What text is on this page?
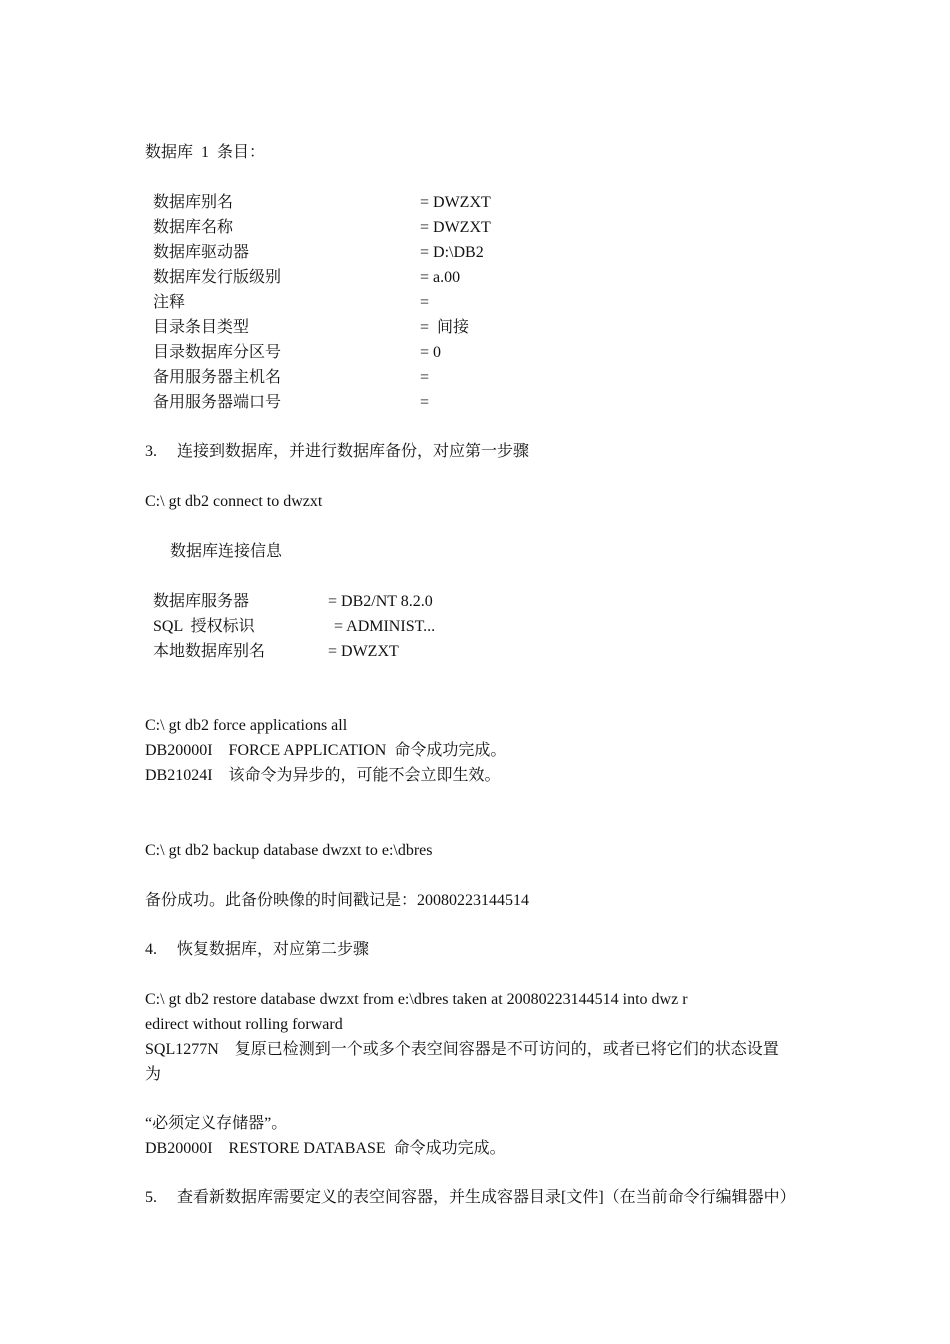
数据库  1  条目：
数据库别名	= DWZXT
数据库名称	= DWZXT
数据库驱动器	= D:\DB2
数据库发行版级别	= a.00
注释	=
目录条目类型	=  间接
目录数据库分区号	= 0
备用服务器主机名	=
备用服务器端口号	=
3.     连接到数据库，并进行数据库备份，对应第一步骤
C:\ gt db2 connect to dwzxt
数据库连接信息
数据库服务器	= DB2/NT 8.2.0
SQL  授权标识	= ADMINIST...
本地数据库别名	= DWZXT
C:\ gt db2 force applications all
DB20000I    FORCE APPLICATION  命令成功完成。
DB21024I    该命令为异步的，可能不会立即生效。
C:\ gt db2 backup database dwzxt to e:\dbres
备份成功。此备份映像的时间戳记是：20080223144514
4.     恢复数据库，对应第二步骤
C:\ gt db2 restore database dwzxt from e:\dbres taken at 20080223144514 into dwz r
edirect without rolling forward
SQL1277N    复原已检测到一个或多个表空间容器是不可访问的，或者已将它们的状态设置
为
“必须定义存储器”。
DB20000I    RESTORE DATABASE  命令成功完成。
5.     查看新数据库需要定义的表空间容器，并生成容器目录[文件]（在当前命令行编辑器中）
